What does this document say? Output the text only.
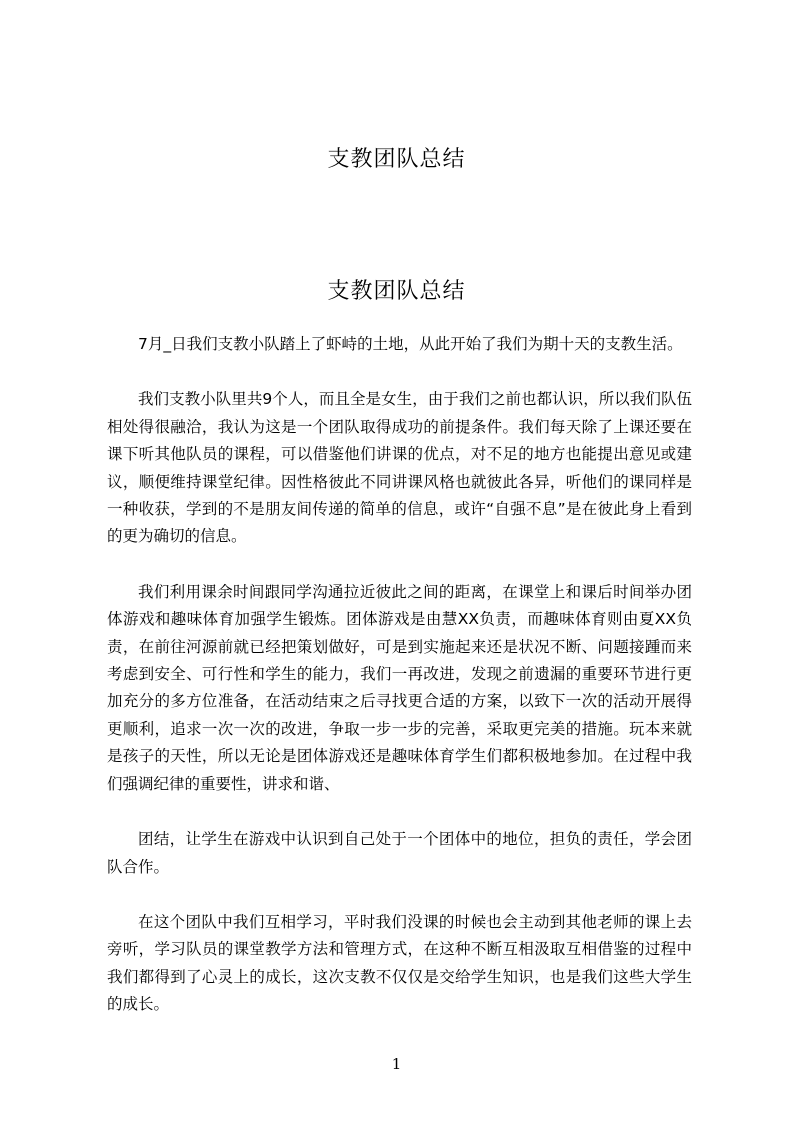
支教团队总结
支教团队总结

7月_日我们支教小队踏上了虾峙的土地，从此开始了我们为期十天的支教生活。

我们支教小队里共9个人，而且全是女生，由于我们之前也都认识，所以我们队伍相处得很融洽，我认为这是一个团队取得成功的前提条件。我们每天除了上课还要在课下听其他队员的课程，可以借鉴他们讲课的优点，对不足的地方也能提出意见或建议，顺便维持课堂纪律。因性格彼此不同讲课风格也就彼此各异，听他们的课同样是一种收获，学到的不是朋友间传递的简单的信息，或许“自强不息”是在彼此身上看到的更为确切的信息。

我们利用课余时间跟同学沟通拉近彼此之间的距离，在课堂上和课后时间举办团体游戏和趣味体育加强学生锻炼。团体游戏是由慧XX负责，而趣味体育则由夏XX负责，在前往河源前就已经把策划做好，可是到实施起来还是状况不断、问题接踵而来考虑到安全、可行性和学生的能力，我们一再改进，发现之前遗漏的重要环节进行更加充分的多方位准备，在活动结束之后寻找更合适的方案，以致下一次的活动开展得更顺利，追求一次一次的改进，争取一步一步的完善，采取更完美的措施。玩本来就是孩子的天性，所以无论是团体游戏还是趣味体育学生们都积极地参加。在过程中我们强调纪律的重要性，讲求和谐、

团结，让学生在游戏中认识到自己处于一个团体中的地位，担负的责任，学会团队合作。

在这个团队中我们互相学习，平时我们没课的时候也会主动到其他老师的课上去旁听，学习队员的课堂教学方法和管理方式，在这种不断互相汲取互相借鉴的过程中我们都得到了心灵上的成长，这次支教不仅仅是交给学生知识，也是我们这些大学生的成长。

1
